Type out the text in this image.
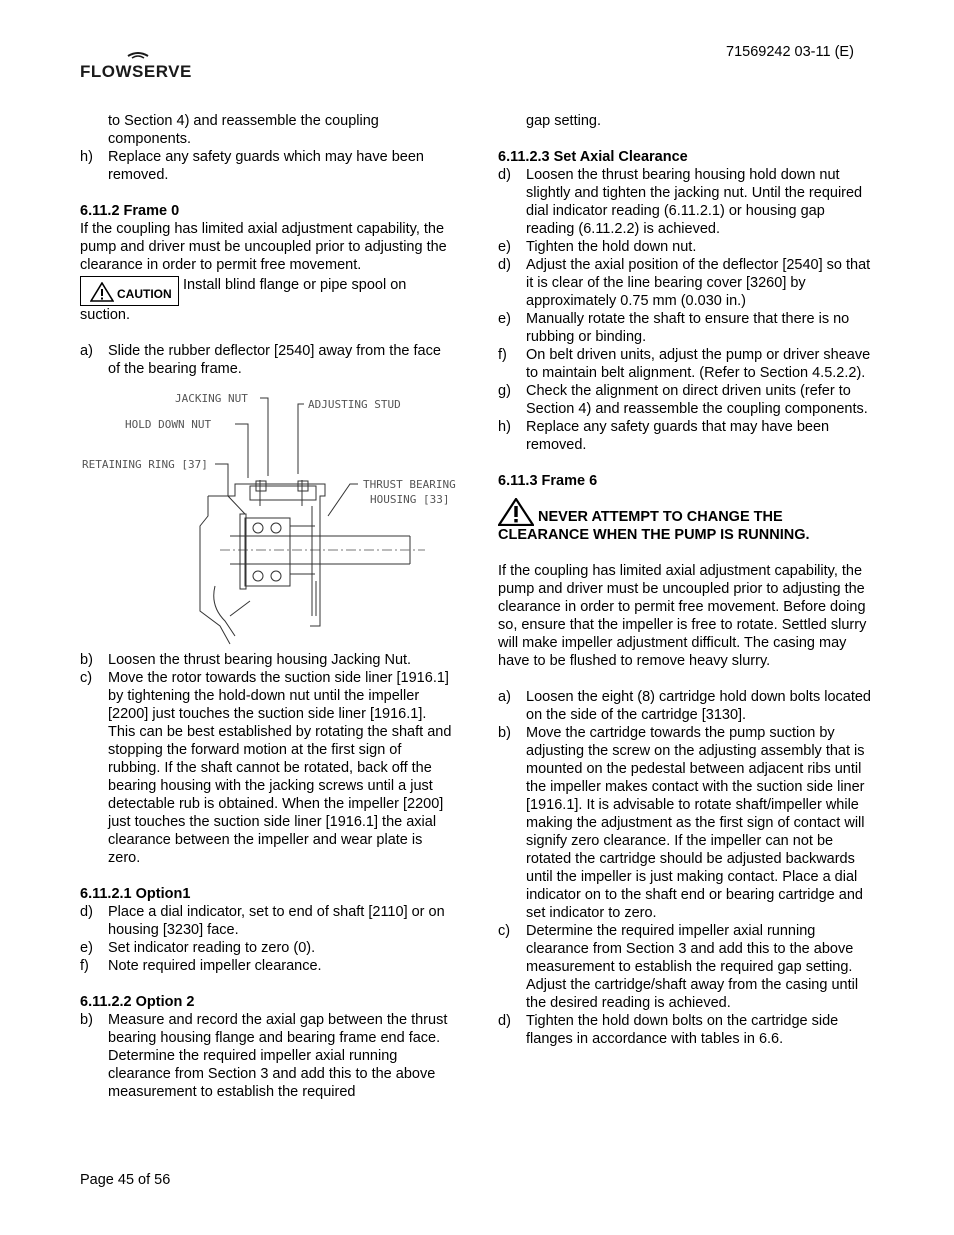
FLOWSERVE
71569242 03-11 (E)
to Section 4) and reassemble the coupling components.
h) Replace any safety guards which may have been removed.
6.11.2 Frame 0
If the coupling has limited axial adjustment capability, the pump and driver must be uncoupled prior to adjusting the clearance in order to permit free movement.
CAUTION
Install blind flange or pipe spool on suction.
a) Slide the rubber deflector [2540] away from the face of the bearing frame.
JACKING NUT	ADJUSTING STUD
HOLD DOWN NUT
RETAINING RING [37]
THRUST BEARING
HOUSING [33]
b) Loosen the thrust bearing housing Jacking Nut.
c) Move the rotor towards the suction side liner [1916.1] by tightening the hold-down nut until the impeller [2200] just touches the suction side liner [1916.1]. This can be best established by rotating the shaft and stopping the forward motion at the first sign of rubbing. If the shaft cannot be rotated, back off the bearing housing with the jacking screws until a just detectable rub is obtained. When the impeller [2200] just touches the suction side liner [1916.1] the axial clearance between the impeller and wear plate is zero.
6.11.2.1 Option1
d) Place a dial indicator, set to end of shaft [2110] or on housing [3230] face.
e) Set indicator reading to zero (0).
f) Note required impeller clearance.
6.11.2.2 Option 2
b) Measure and record the axial gap between the thrust bearing housing flange and bearing frame end face. Determine the required impeller axial running clearance from Section 3 and add this to the above measurement to establish the required
gap setting.
6.11.2.3 Set Axial Clearance
d) Loosen the thrust bearing housing hold down nut slightly and tighten the jacking nut. Until the required dial indicator reading (6.11.2.1) or housing gap reading (6.11.2.2) is achieved.
e) Tighten the hold down nut.
d) Adjust the axial position of the deflector [2540] so that it is clear of the line bearing cover [3260] by approximately 0.75 mm (0.030 in.)
e) Manually rotate the shaft to ensure that there is no rubbing or binding.
f) On belt driven units, adjust the pump or driver sheave to maintain belt alignment. (Refer to Section 4.5.2.2).
g) Check the alignment on direct driven units (refer to Section 4) and reassemble the coupling components.
h) Replace any safety guards that may have been removed.
6.11.3 Frame 6
NEVER ATTEMPT TO CHANGE THE CLEARANCE WHEN THE PUMP IS RUNNING.
If the coupling has limited axial adjustment capability, the pump and driver must be uncoupled prior to adjusting the clearance in order to permit free movement. Before doing so, ensure that the impeller is free to rotate. Settled slurry will make impeller adjustment difficult. The casing may have to be flushed to remove heavy slurry.
a) Loosen the eight (8) cartridge hold down bolts located on the side of the cartridge [3130].
b) Move the cartridge towards the pump suction by adjusting the screw on the adjusting assembly that is mounted on the pedestal between adjacent ribs until the impeller makes contact with the suction side liner [1916.1]. It is advisable to rotate shaft/impeller while making the adjustment as the first sign of contact will signify zero clearance. If the impeller can not be rotated the cartridge should be adjusted backwards until the impeller is just making contact. Place a dial indicator on to the shaft end or bearing cartridge and set indicator to zero.
c) Determine the required impeller axial running clearance from Section 3 and add this to the above measurement to establish the required gap setting. Adjust the cartridge/shaft away from the casing until the desired reading is achieved.
d) Tighten the hold down bolts on the cartridge side flanges in accordance with tables in 6.6.
Page 45 of 56
